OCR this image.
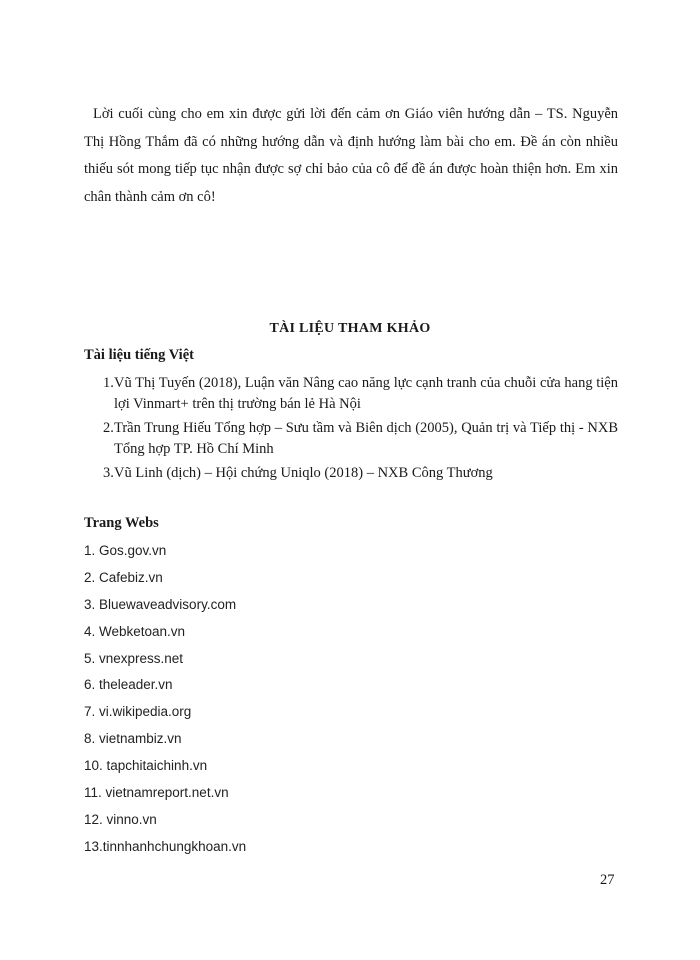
Lời cuối cùng cho em xin được gửi lời đến cảm ơn Giáo viên hướng dẫn – TS. Nguyễn Thị Hồng Thắm đã có những hướng dẫn và định hướng làm bài cho em. Đề án còn nhiều thiếu sót mong tiếp tục nhận được sợ chỉ bảo của cô để đề án được hoàn thiện hơn. Em xin chân thành cảm ơn cô!

TÀI LIỆU THAM KHẢO
Tài liệu tiếng Việt
1. Vũ Thị Tuyến (2018), Luận văn Nâng cao năng lực cạnh tranh của chuỗi cửa hang tiện lợi Vinmart+ trên thị trường bán lẻ Hà Nội
2. Trần Trung Hiếu Tổng hợp – Sưu tầm và Biên dịch (2005), Quản trị và Tiếp thị - NXB Tổng hợp TP. Hồ Chí Minh
3. Vũ Linh (dịch) – Hội chứng Uniqlo (2018) – NXB Công Thương
Trang Webs
1. Gos.gov.vn
2. Cafebiz.vn
3. Bluewaveadvisory.com
4. Webketoan.vn
5. vnexpress.net
6. theleader.vn
7. vi.wikipedia.org
8. vietnambiz.vn
10. tapchitaichinh.vn
11. vietnamreport.net.vn
12. vinno.vn
13.tinnhanhchungkhoan.vn

27
